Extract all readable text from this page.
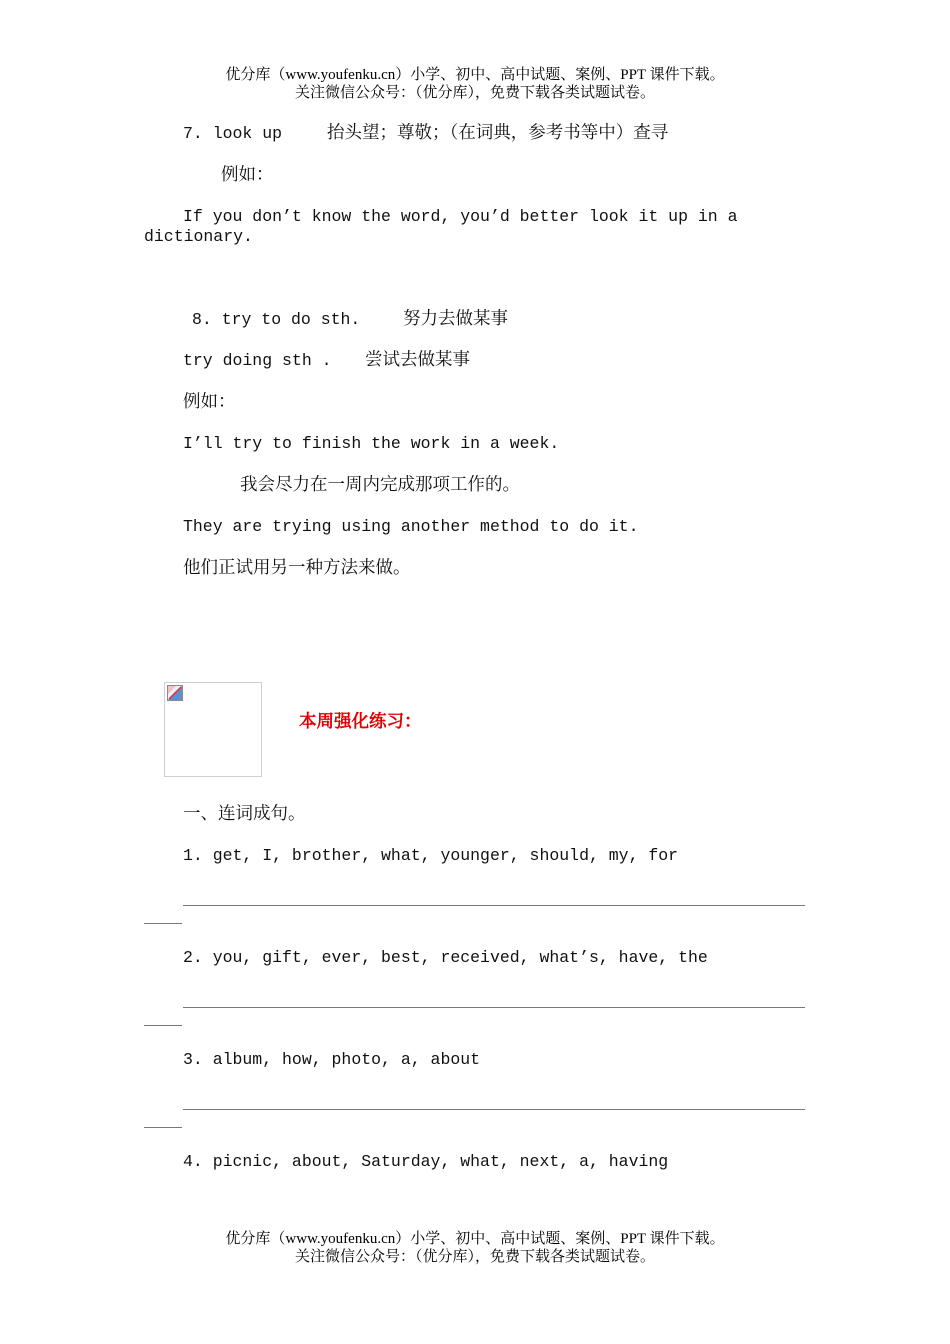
优分库（www.youfenku.cn）小学、初中、高中试题、案例、PPT 课件下载。
关注微信公众号：（优分库），免费下载各类试题试卷。
7. look up	抬头望；尊敬；（在词典，参考书等中）查寻
例如：
If you don’t know the word, you’d better look it up in a
dictionary.
8. try to do sth. 努力去做某事
try doing sth . 尝试去做某事
例如：
I’ll try to finish the work in a week.
我会尽力在一周内完成那项工作的。
They are trying using another method to do it.
他们正试用另一种方法来做。
本周强化练习：
一、连词成句。
1. get, I, brother, what, younger, should, my, for
2. you, gift, ever, best, received, what’s, have, the
3. album, how, photo, a, about
4. picnic, about, Saturday, what, next, a, having
优分库（www.youfenku.cn）小学、初中、高中试题、案例、PPT 课件下载。
关注微信公众号：（优分库），免费下载各类试题试卷。
